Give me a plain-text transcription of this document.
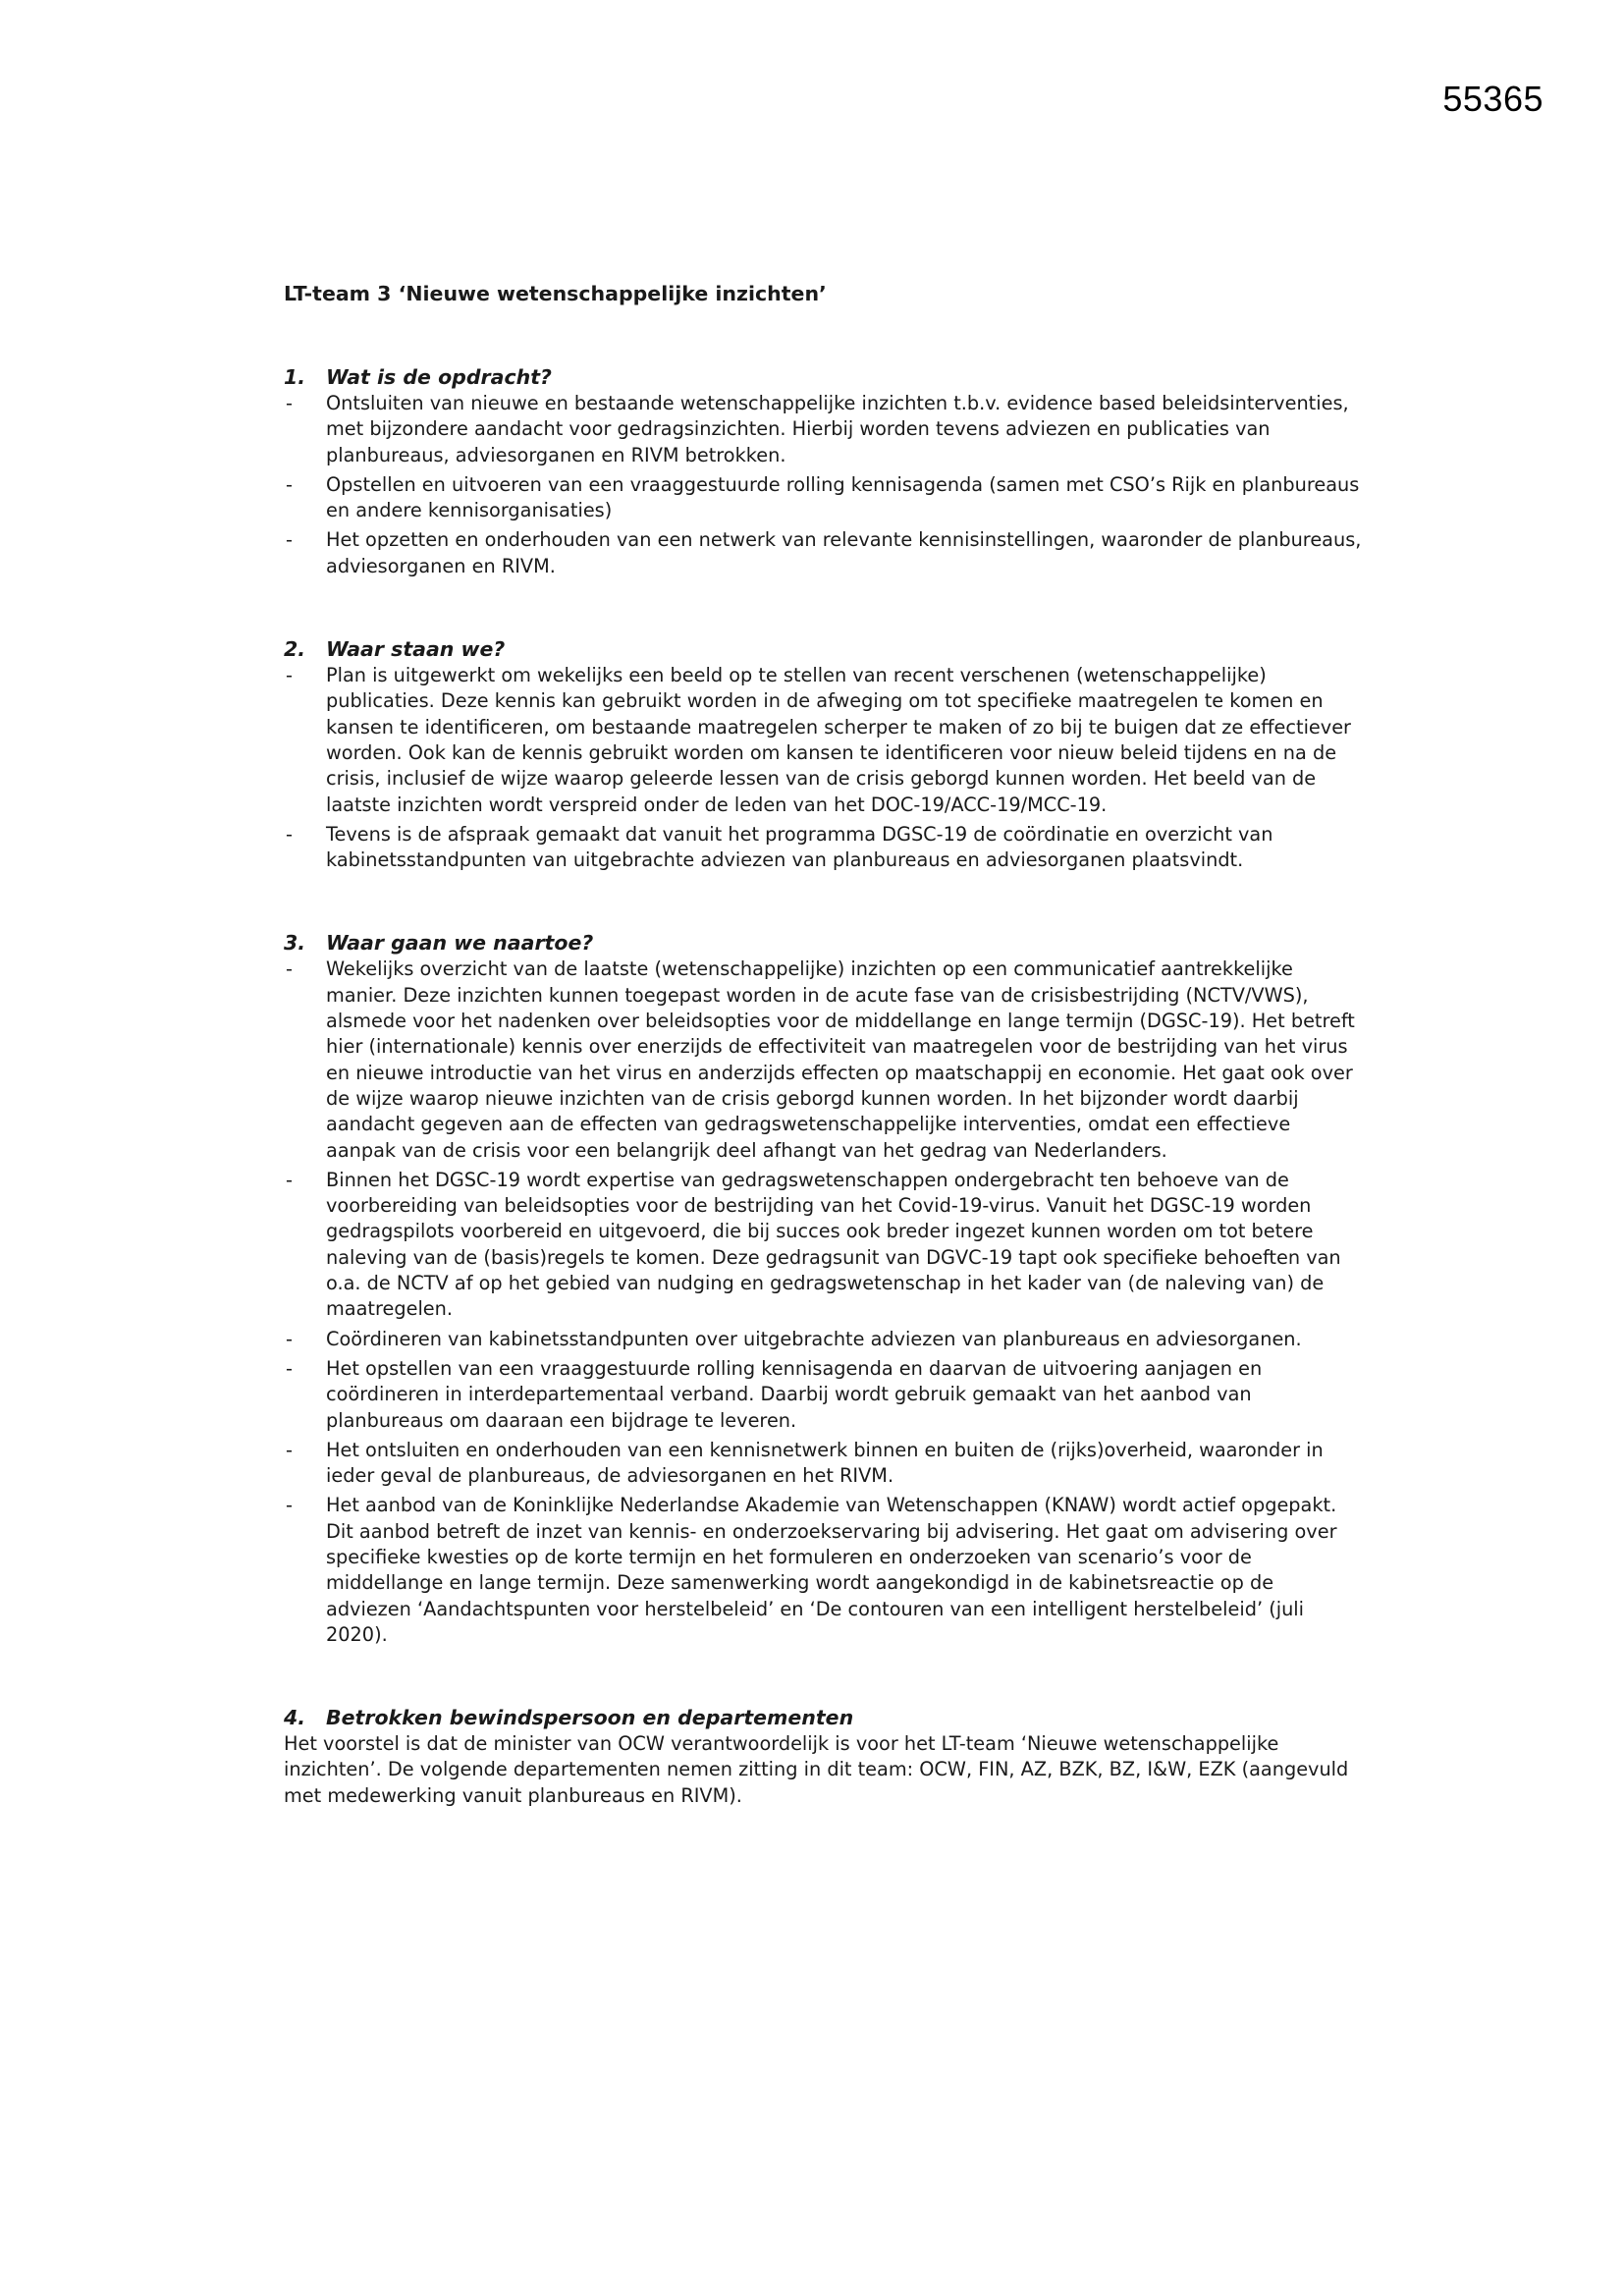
55365
LT-team 3 ‘Nieuwe wetenschappelijke inzichten’
1.	Wat is de opdracht?
- Ontsluiten van nieuwe en bestaande wetenschappelijke inzichten t.b.v. evidence based beleidsinterventies, met bijzondere aandacht voor gedragsinzichten. Hierbij worden tevens adviezen en publicaties van planbureaus, adviesorganen en RIVM betrokken.
- Opstellen en uitvoeren van een vraaggestuurde rolling kennisagenda (samen met CSO’s Rijk en planbureaus en andere kennisorganisaties)
- Het opzetten en onderhouden van een netwerk van relevante kennisinstellingen, waaronder de planbureaus, adviesorganen en RIVM.
2.	Waar staan we?
- Plan is uitgewerkt om wekelijks een beeld op te stellen van recent verschenen (wetenschappelijke) publicaties. Deze kennis kan gebruikt worden in de afweging om tot specifieke maatregelen te komen en kansen te identificeren, om bestaande maatregelen scherper te maken of zo bij te buigen dat ze effectiever worden. Ook kan de kennis gebruikt worden om kansen te identificeren voor nieuw beleid tijdens en na de crisis, inclusief de wijze waarop geleerde lessen van de crisis geborgd kunnen worden. Het beeld van de laatste inzichten wordt verspreid onder de leden van het DOC-19/ACC-19/MCC-19.
- Tevens is de afspraak gemaakt dat vanuit het programma DGSC-19 de coördinatie en overzicht van kabinetsstandpunten van uitgebrachte adviezen van planbureaus en adviesorganen plaatsvindt.
3.	Waar gaan we naartoe?
- Wekelijks overzicht van de laatste (wetenschappelijke) inzichten op een communicatief aantrekkelijke manier. Deze inzichten kunnen toegepast worden in de acute fase van de crisisbestrijding (NCTV/VWS), alsmede voor het nadenken over beleidsopties voor de middellange en lange termijn (DGSC-19). Het betreft hier (internationale) kennis over enerzijds de effectiviteit van maatregelen voor de bestrijding van het virus en nieuwe introductie van het virus en anderzijds effecten op maatschappij en economie. Het gaat ook over de wijze waarop nieuwe inzichten van de crisis geborgd kunnen worden. In het bijzonder wordt daarbij aandacht gegeven aan de effecten van gedragswetenschappelijke interventies, omdat een effectieve aanpak van de crisis voor een belangrijk deel afhangt van het gedrag van Nederlanders.
- Binnen het DGSC-19 wordt expertise van gedragswetenschappen ondergebracht ten behoeve van de voorbereiding van beleidsopties voor de bestrijding van het Covid-19-virus. Vanuit het DGSC-19 worden gedragspilots voorbereid en uitgevoerd, die bij succes ook breder ingezet kunnen worden om tot betere naleving van de (basis)regels te komen. Deze gedragsunit van DGVC-19 tapt ook specifieke behoeften van o.a. de NCTV af op het gebied van nudging en gedragswetenschap in het kader van (de naleving van) de maatregelen.
- Coördineren van kabinetsstandpunten over uitgebrachte adviezen van planbureaus en adviesorganen.
- Het opstellen van een vraaggestuurde rolling kennisagenda en daarvan de uitvoering aanjagen en coördineren in interdepartementaal verband. Daarbij wordt gebruik gemaakt van het aanbod van planbureaus om daaraan een bijdrage te leveren.
- Het ontsluiten en onderhouden van een kennisnetwerk binnen en buiten de (rijks)overheid, waaronder in ieder geval de planbureaus, de adviesorganen en het RIVM.
- Het aanbod van de Koninklijke Nederlandse Akademie van Wetenschappen (KNAW) wordt actief opgepakt. Dit aanbod betreft de inzet van kennis- en onderzoekservaring bij advisering. Het gaat om advisering over specifieke kwesties op de korte termijn en het formuleren en onderzoeken van scenario’s voor de middellange en lange termijn. Deze samenwerking wordt aangekondigd in de kabinetsreactie op de adviezen ‘Aandachtspunten voor herstelbeleid’ en ‘De contouren van een intelligent herstelbeleid’ (juli 2020).
4.	Betrokken bewindspersoon en departementen

Het voorstel is dat de minister van OCW verantwoordelijk is voor het LT-team ‘Nieuwe wetenschappelijke inzichten’. De volgende departementen nemen zitting in dit team: OCW, FIN, AZ, BZK, BZ, I&W, EZK (aangevuld met medewerking vanuit planbureaus en RIVM).
